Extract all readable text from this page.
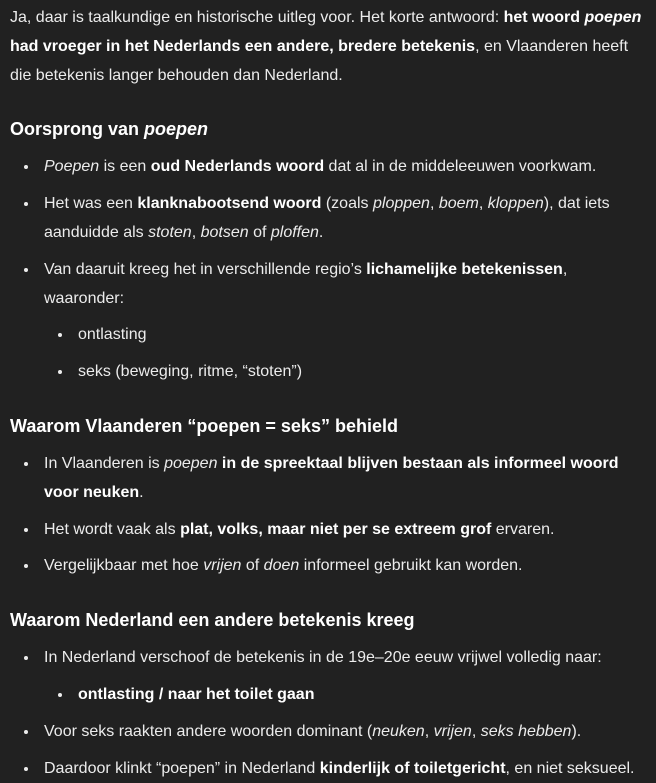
Ja, daar is taalkundige en historische uitleg voor. Het korte antwoord: het woord poepen had vroeger in het Nederlands een andere, bredere betekenis, en Vlaanderen heeft die betekenis langer behouden dan Nederland.

Oorsprong van poepen
• Poepen is een oud Nederlands woord dat al in de middeleeuwen voorkwam.
• Het was een klanknabootsend woord (zoals ploppen, boem, kloppen), dat iets aanduidde als stoten, botsen of ploffen.
• Van daaruit kreeg het in verschillende regio’s lichamelijke betekenissen, waaronder:
• ontlasting
• seks (beweging, ritme, “stoten”)
Waarom Vlaanderen “poepen = seks” behield
• In Vlaanderen is poepen in de spreektaal blijven bestaan als informeel woord voor neuken.
• Het wordt vaak als plat, volks, maar niet per se extreem grof ervaren.
• Vergelijkbaar met hoe vrijen of doen informeel gebruikt kan worden.
Waarom Nederland een andere betekenis kreeg
• In Nederland verschoof de betekenis in de 19e–20e eeuw vrijwel volledig naar:
• ontlasting / naar het toilet gaan
• Voor seks raakten andere woorden dominant (neuken, vrijen, seks hebben).
• Daardoor klinkt “poepen” in Nederland kinderlijk of toiletgericht, en niet seksueel.
